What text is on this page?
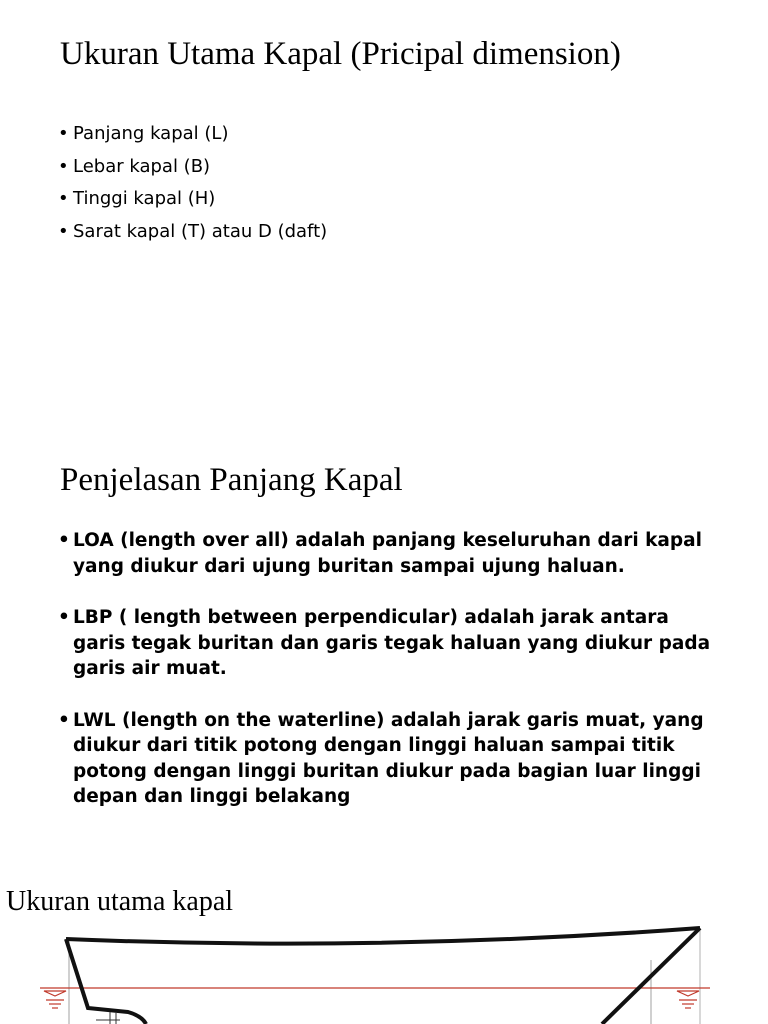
Ukuran Utama Kapal (Pricipal dimension)
• Panjang kapal (L)
• Lebar kapal (B)
• Tinggi kapal (H)
• Sarat kapal (T) atau D (daft)
Penjelasan Panjang Kapal
• LOA (length over all) adalah panjang keseluruhan dari kapal yang diukur dari ujung buritan sampai ujung haluan.
• LBP ( length between perpendicular) adalah jarak antara garis tegak buritan dan garis tegak haluan yang diukur pada garis air muat.
• LWL (length on the waterline) adalah jarak garis muat, yang diukur dari titik potong dengan linggi haluan sampai titik potong dengan linggi buritan diukur pada bagian luar linggi depan dan linggi belakang
Ukuran utama kapal
